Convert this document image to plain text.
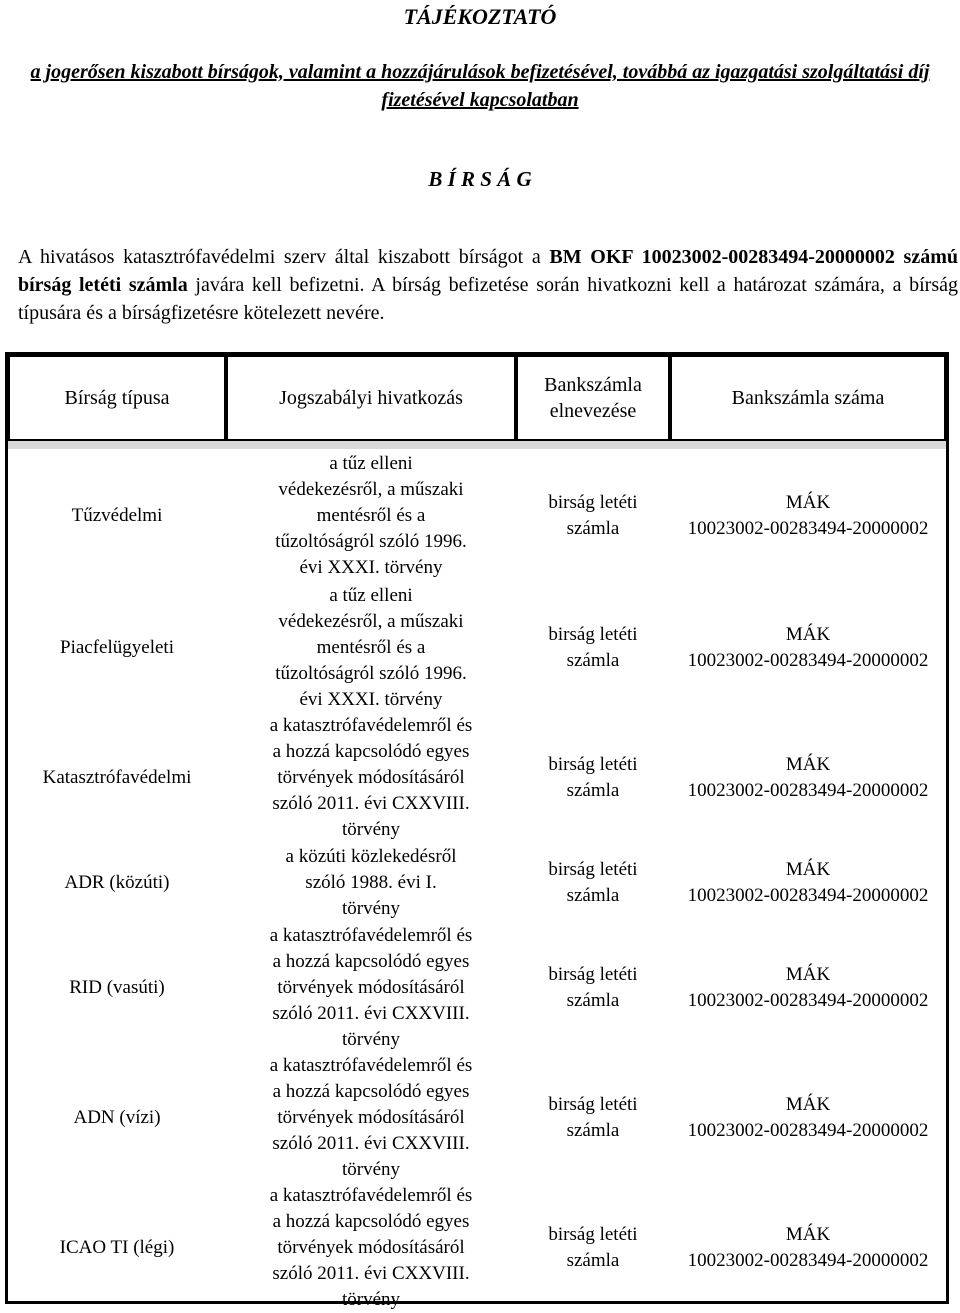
TÁJÉKOZTATÓ
a jogerősen kiszabott bírságok, valamint a hozzájárulások befizetésével, továbbá az igazgatási szolgáltatási díj fizetésével kapcsolatban
B Í R S Á G

A hivatásos katasztrófavédelmi szerv által kiszabott bírságot a BM OKF 10023002-00283494-20000002 számú bírság letéti számla javára kell befizetni. A bírság befizetése során hivatkozni kell a határozat számára, a bírság típusára és a bírságfizetésre kötelezett nevére.

Bírság típusa	Jogszabályi hivatkozás	Bankszámla elnevezése	Bankszámla száma

Tűzvédelmi	a tűz elleni
védekezésről, a műszaki
mentésről és a
tűzoltóságról szóló 1996.
évi XXXI. törvény	birság letéti
számla	MÁK
10023002-00283494-20000002

Piacfelügyeleti	a tűz elleni
védekezésről, a műszaki
mentésről és a
tűzoltóságról szóló 1996.
évi XXXI. törvény	birság letéti
számla	MÁK
10023002-00283494-20000002

Katasztrófavédelmi	a katasztrófavédelemről és
a hozzá kapcsolódó egyes
törvények módosításáról
szóló 2011. évi CXXVIII.
törvény	birság letéti
számla	MÁK
10023002-00283494-20000002

ADR (közúti)	a közúti közlekedésről
szóló 1988. évi I.
törvény	birság letéti
számla	MÁK
10023002-00283494-20000002

RID (vasúti)	a katasztrófavédelemről és
a hozzá kapcsolódó egyes
törvények módosításáról
szóló 2011. évi CXXVIII.
törvény	birság letéti
számla	MÁK
10023002-00283494-20000002

ADN (vízi)	a katasztrófavédelemről és
a hozzá kapcsolódó egyes
törvények módosításáról
szóló 2011. évi CXXVIII.
törvény	birság letéti
számla	MÁK
10023002-00283494-20000002

ICAO TI (légi)	a katasztrófavédelemről és
a hozzá kapcsolódó egyes
törvények módosításáról
szóló 2011. évi CXXVIII.
törvény	birság letéti
számla	MÁK
10023002-00283494-20000002
